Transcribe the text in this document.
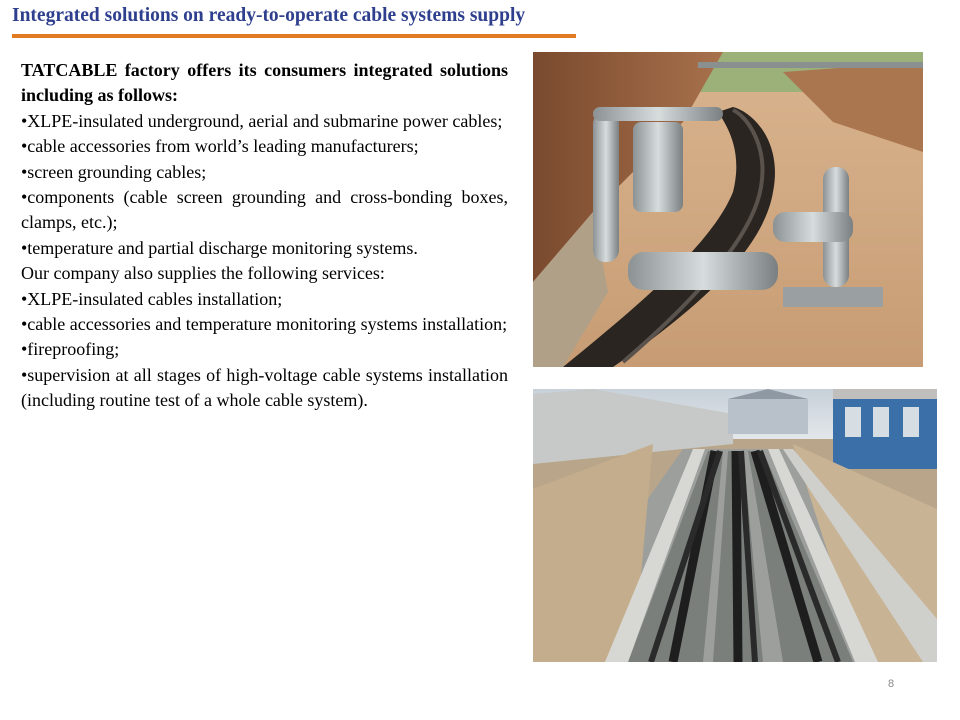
Integrated solutions on ready-to-operate cable systems supply

TATCABLE factory offers its consumers integrated solutions including as follows:

•XLPE-insulated underground, aerial and submarine power cables;

•cable accessories from world’s leading manufacturers;

•screen grounding cables;

•components (cable screen grounding and cross-bonding boxes, clamps, etc.);

•temperature and partial discharge monitoring systems.

Our company also supplies the following services:

•XLPE-insulated cables installation;

•cable accessories and temperature monitoring systems installation;

•fireproofing;

•supervision at all stages of high-voltage cable systems installation (including routine test of a whole cable system).

8
